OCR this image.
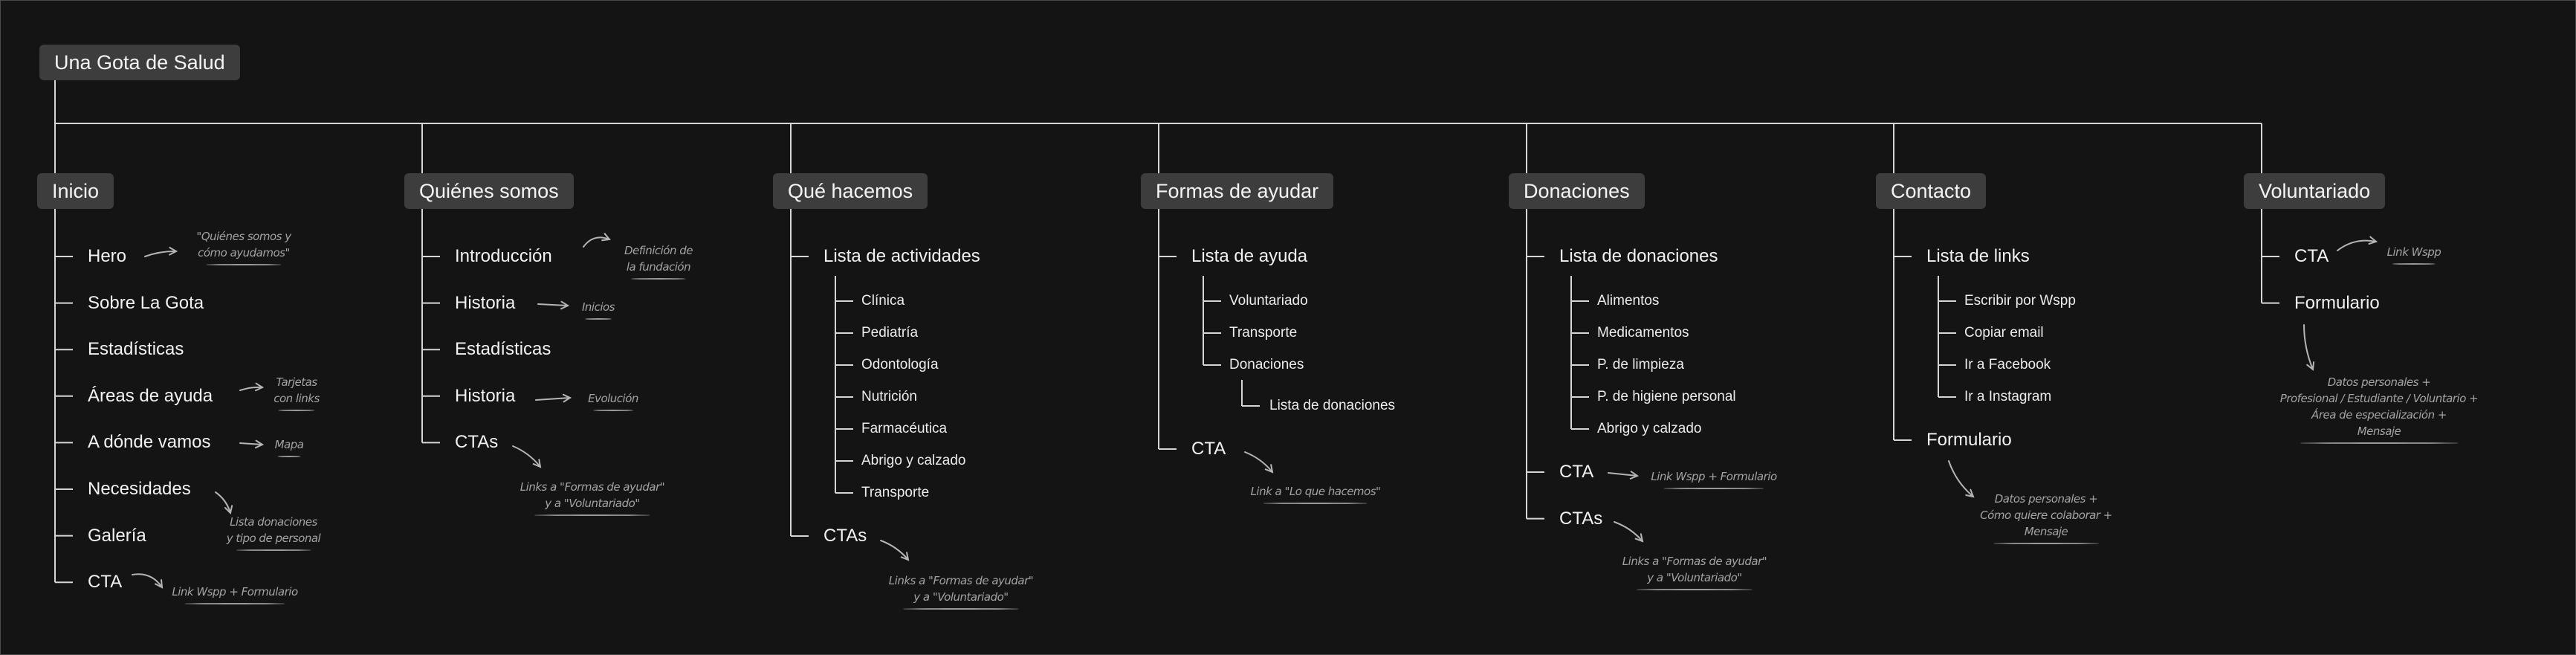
Una Gota de Salud
Inicio
Hero
Sobre La Gota
Estadísticas
Áreas de ayuda
A dónde vamos
Necesidades
Galería
CTA
"Quiénes somos y
cómo ayudamos"
Tarjetas
con links
Mapa
Lista donaciones
y tipo de personal
Link Wspp + Formulario
Quiénes somos
Introducción
Historia
Estadísticas
Historia
CTAs
Definición de
la fundación
Inicios
Evolución
Links a "Formas de ayudar"
y a "Voluntariado"
Qué hacemos
Lista de actividades
Clínica
Pediatría
Odontología
Nutrición
Farmacéutica
Abrigo y calzado
Transporte
CTAs
Links a "Formas de ayudar"
y a "Voluntariado"
Formas de ayudar
Lista de ayuda
Voluntariado
Transporte
Donaciones
Lista de donaciones
CTA
Link a "Lo que hacemos"
Donaciones
Lista de donaciones
Alimentos
Medicamentos
P. de limpieza
P. de higiene personal
Abrigo y calzado
CTA
CTAs
Link Wspp + Formulario
Links a "Formas de ayudar"
y a "Voluntariado"
Contacto
Lista de links
Escribir por Wspp
Copiar email
Ir a Facebook
Ir a Instagram
Formulario
Datos personales +
Cómo quiere colaborar +
Mensaje
Voluntariado
CTA
Formulario
Link Wspp
Datos personales +
Profesional / Estudiante / Voluntario +
Área de especialización +
Mensaje
